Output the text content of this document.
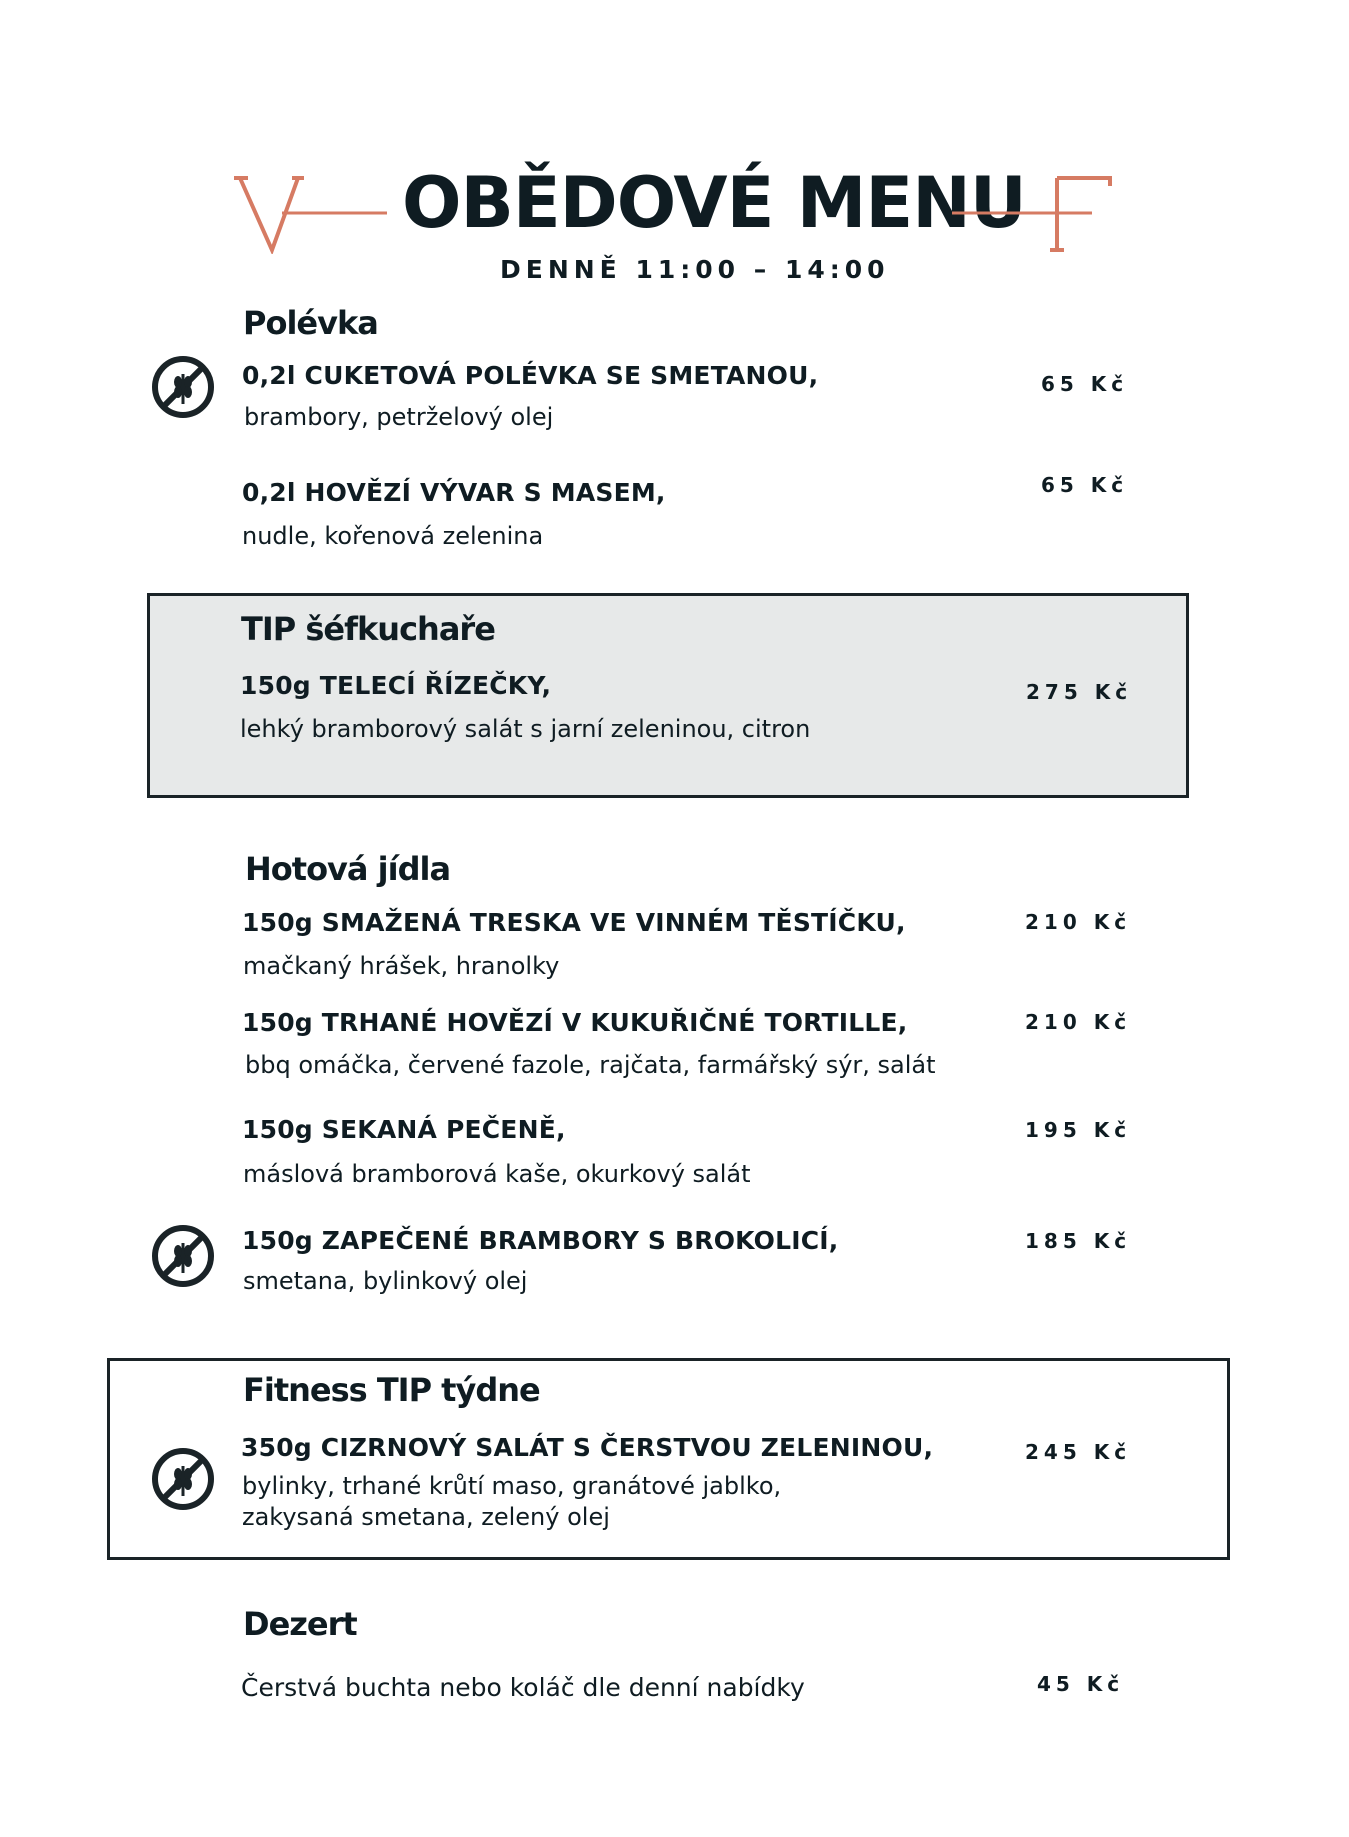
OBĚDOVÉ MENU
DENNĚ 11:00 – 14:00
Polévka
0,2l CUKETOVÁ POLÉVKA SE SMETANOU,
brambory, petrželový olej
65 Kč
0,2l HOVĚZÍ VÝVAR S MASEM,
nudle, kořenová zelenina
65 Kč
TIP šéfkuchaře
150g TELECÍ ŘÍZEČKY,
lehký bramborový salát s jarní zeleninou, citron
275 Kč
Hotová jídla
150g SMAŽENÁ TRESKA VE VINNÉM TĚSTÍČKU,
mačkaný hrášek, hranolky
210 Kč
150g TRHANÉ HOVĚZÍ V KUKUŘIČNÉ TORTILLE,
bbq omáčka, červené fazole, rajčata, farmářský sýr, salát
210 Kč
150g SEKANÁ PEČENĚ,
máslová bramborová kaše, okurkový salát
195 Kč
150g ZAPEČENÉ BRAMBORY S BROKOLICÍ,
smetana, bylinkový olej
185 Kč
Fitness TIP týdne
350g CIZRNOVÝ SALÁT S ČERSTVOU ZELENINOU,
bylinky, trhané krůtí maso, granátové jablko,
zakysaná smetana, zelený olej
245 Kč
Dezert
Čerstvá buchta nebo koláč dle denní nabídky	45 Kč
